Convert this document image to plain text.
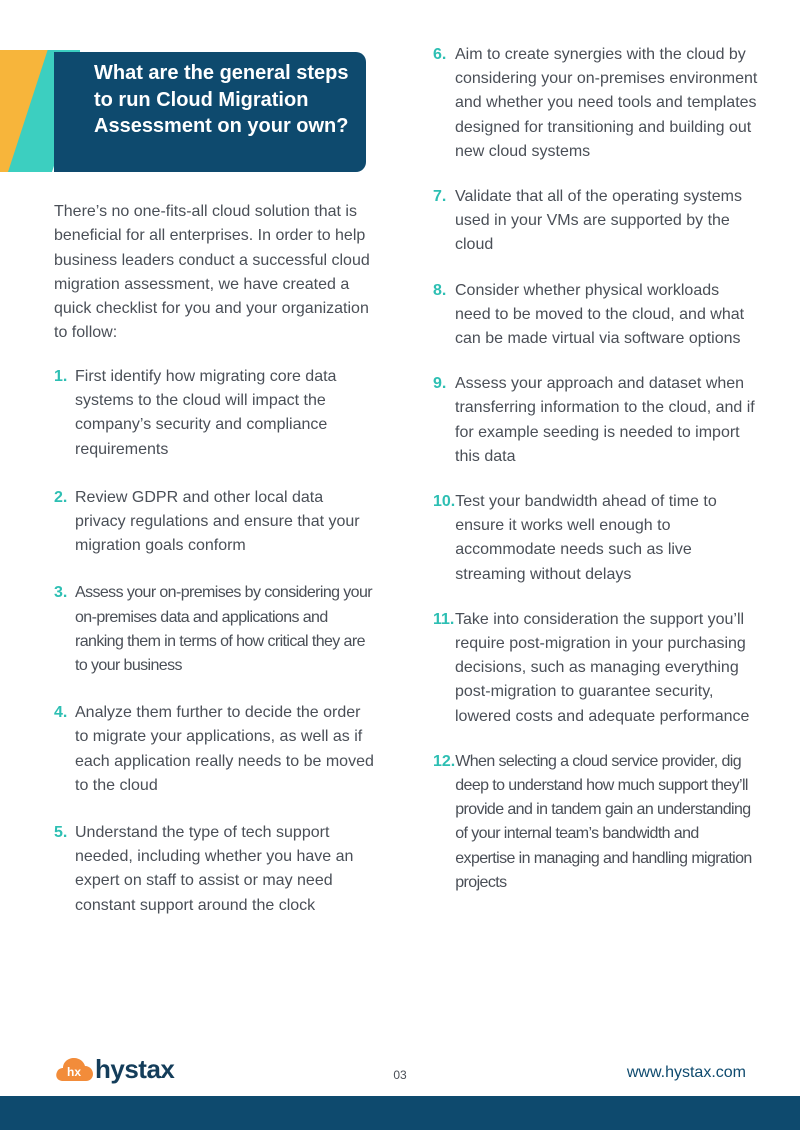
What are the general steps to run Cloud Migration Assessment on your own?

There’s no one-fits-all cloud solution that is beneficial for all enterprises. In order to help business leaders conduct a successful cloud migration assessment, we have created a quick checklist for you and your organization to follow:

1. First identify how migrating core data systems to the cloud will impact the company’s security and compliance requirements
2. Review GDPR and other local data privacy regulations and ensure that your migration goals conform
3. Assess your on-premises by considering your on-premises data and applications and ranking them in terms of how critical they are to your business
4. Analyze them further to decide the order to migrate your applications, as well as if each application really needs to be moved to the cloud
5. Understand the type of tech support needed, including whether you have an expert on staff to assist or may need constant support around the clock
6. Aim to create synergies with the cloud by considering your on-premises environment and whether you need tools and templates designed for transitioning and building out new cloud systems
7. Validate that all of the operating systems used in your VMs are supported by the cloud
8. Consider whether physical workloads need to be moved to the cloud, and what can be made virtual via software options
9. Assess your approach and dataset when transferring information to the cloud, and if for example seeding is needed to import this data
10. Test your bandwidth ahead of time to ensure it works well enough to accommodate needs such as live streaming without delays
11. Take into consideration the support you’ll require post-migration in your purchasing decisions, such as managing everything post-migration to guarantee security, lowered costs and adequate performance
12. When selecting a cloud service provider, dig deep to understand how much support they’ll provide and in tandem gain an understanding of your internal team’s bandwidth and expertise in managing and handling migration projects
hx hystax	03	www.hystax.com
